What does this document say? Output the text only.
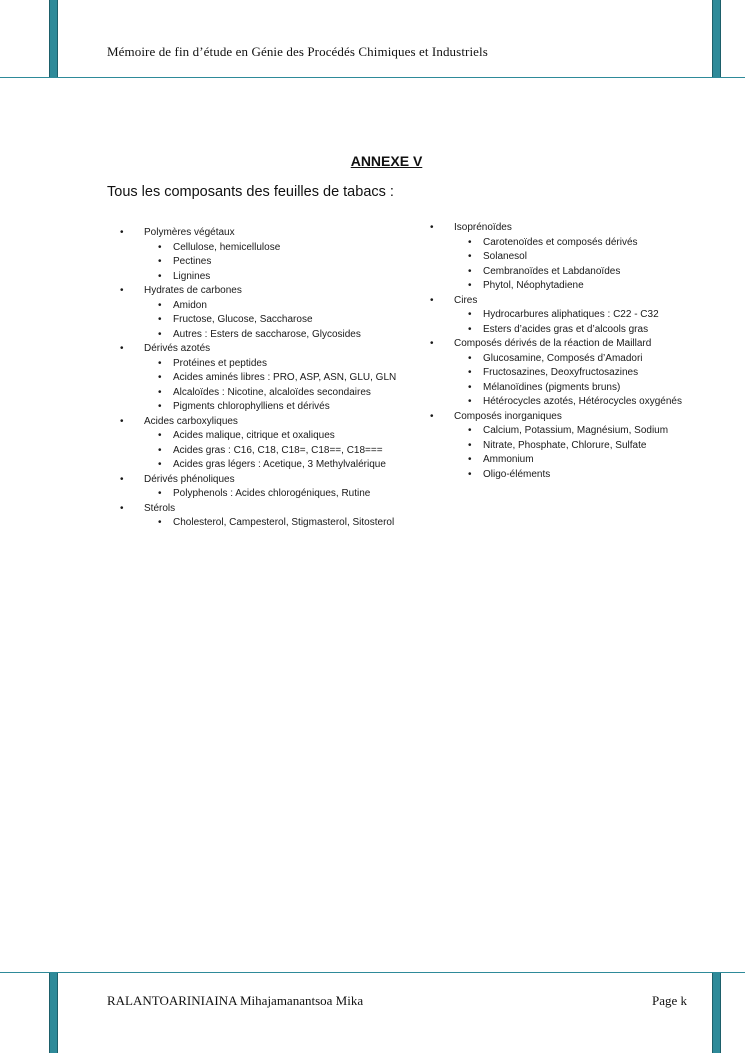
Mémoire de fin d’étude en Génie des Procédés Chimiques et Industriels
ANNEXE V
Tous les composants des feuilles de tabacs :
• Polymères végétaux
• Cellulose, hemicellulose
• Pectines
• Lignines
• Hydrates de carbones
• Amidon
• Fructose, Glucose, Saccharose
• Autres : Esters de saccharose, Glycosides
• Dérivés azotés
• Protéines et peptides
• Acides aminés libres : PRO, ASP, ASN, GLU, GLN
• Alcaloïdes : Nicotine, alcaloïdes secondaires
• Pigments chlorophylliens et dérivés
• Acides carboxyliques
• Acides malique, citrique et oxaliques
• Acides gras : C16, C18, C18=, C18==, C18===
• Acides gras légers : Acetique, 3 Methylvalérique
• Dérivés phénoliques
• Polyphenols : Acides chlorogéniques, Rutine
• Stérols
• Cholesterol, Campesterol, Stigmasterol, Sitosterol
• Isoprénoïdes
• Carotenoïdes et composés dérivés
• Solanesol
• Cembranoïdes et Labdanoïdes
• Phytol, Néophytadiene
• Cires
• Hydrocarbures aliphatiques : C22 - C32
• Esters d’acides gras et d’alcools gras
• Composés dérivés de la réaction de Maillard
• Glucosamine, Composés d’Amadori
• Fructosazines, Deoxyfructosazines
• Mélanoïdines (pigments bruns)
• Hétérocycles azotés, Hétérocycles oxygénés
• Composés inorganiques
• Calcium, Potassium, Magnésium, Sodium
• Nitrate, Phosphate, Chlorure, Sulfate
• Ammonium
• Oligo-éléments
RALANTOARINIAINA Mihajamanantsoa Mika	Page k
